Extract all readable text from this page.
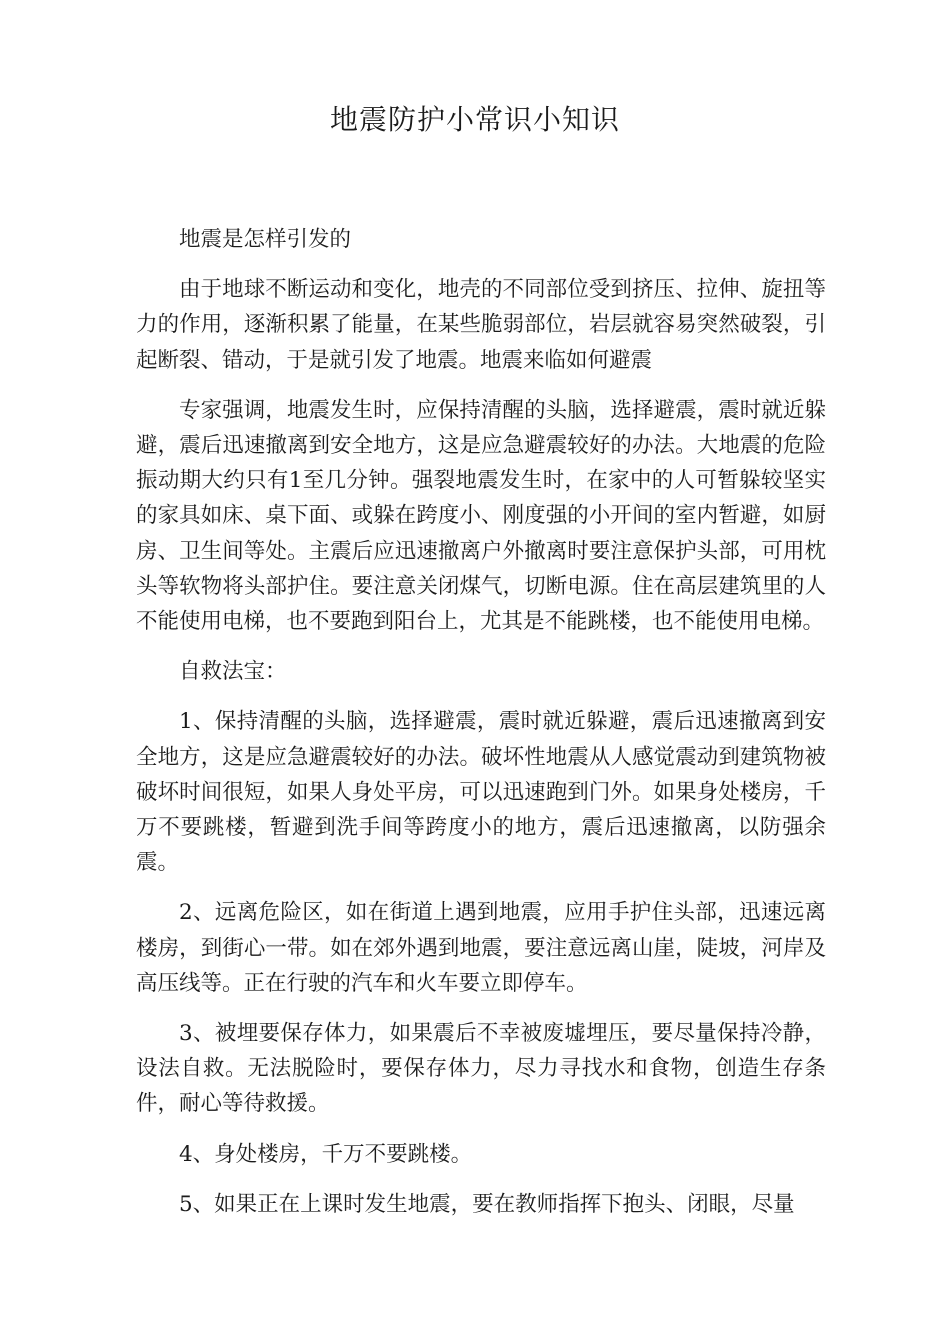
地震防护小常识小知识

地震是怎样引发的

由于地球不断运动和变化，地壳的不同部位受到挤压、拉伸、旋扭等力的作用，逐渐积累了能量，在某些脆弱部位，岩层就容易突然破裂，引起断裂、错动，于是就引发了地震。地震来临如何避震

专家强调，地震发生时，应保持清醒的头脑，选择避震，震时就近躲避，震后迅速撤离到安全地方，这是应急避震较好的办法。大地震的危险振动期大约只有1至几分钟。强裂地震发生时，在家中的人可暂躲较坚实的家具如床、桌下面、或躲在跨度小、刚度强的小开间的室内暂避，如厨房、卫生间等处。主震后应迅速撤离户外撤离时要注意保护头部，可用枕头等软物将头部护住。要注意关闭煤气，切断电源。住在高层建筑里的人不能使用电梯，也不要跑到阳台上，尤其是不能跳楼，也不能使用电梯。

自救法宝：

1、保持清醒的头脑，选择避震，震时就近躲避，震后迅速撤离到安全地方，这是应急避震较好的办法。破坏性地震从人感觉震动到建筑物被破坏时间很短，如果人身处平房，可以迅速跑到门外。如果身处楼房，千万不要跳楼，暂避到洗手间等跨度小的地方，震后迅速撤离，以防强余震。

2、远离危险区，如在街道上遇到地震，应用手护住头部，迅速远离楼房，到街心一带。如在郊外遇到地震，要注意远离山崖，陡坡，河岸及高压线等。正在行驶的汽车和火车要立即停车。

3、被埋要保存体力，如果震后不幸被废墟埋压，要尽量保持冷静，设法自救。无法脱险时，要保存体力，尽力寻找水和食物，创造生存条件，耐心等待救援。

4、身处楼房，千万不要跳楼。

5、如果正在上课时发生地震，要在教师指挥下抱头、闭眼，尽量
